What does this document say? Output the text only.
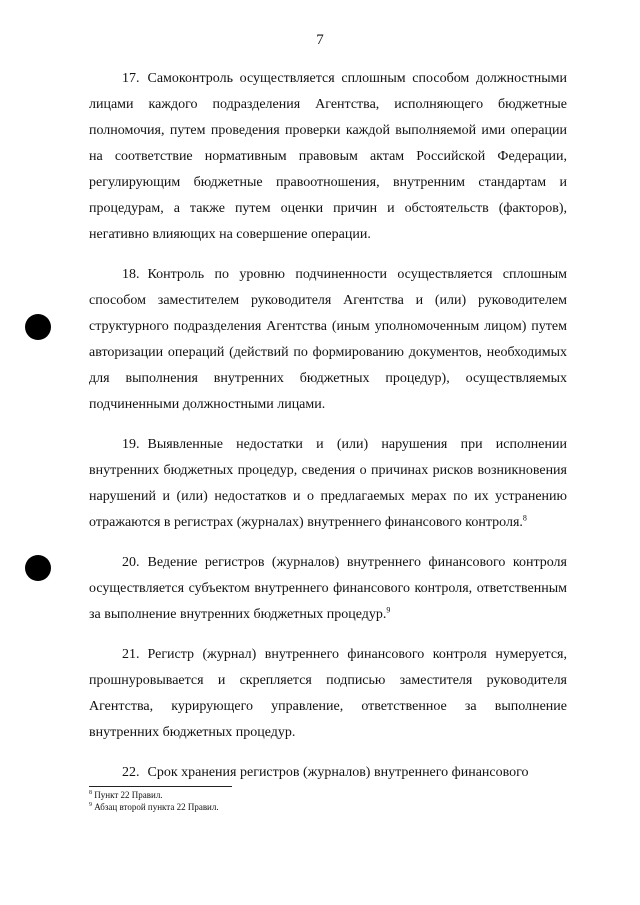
7

17. Самоконтроль осуществляется сплошным способом должностными лицами каждого подразделения Агентства, исполняющего бюджетные полномочия, путем проведения проверки каждой выполняемой ими операции на соответствие нормативным правовым актам Российской Федерации, регулирующим бюджетные правоотношения, внутренним стандартам и процедурам, а также путем оценки причин и обстоятельств (факторов), негативно влияющих на совершение операции.

18. Контроль по уровню подчиненности осуществляется сплошным способом заместителем руководителя Агентства и (или) руководителем структурного подразделения Агентства (иным уполномоченным лицом) путем авторизации операций (действий по формированию документов, необходимых для выполнения внутренних бюджетных процедур), осуществляемых подчиненными должностными лицами.

19. Выявленные недостатки и (или) нарушения при исполнении внутренних бюджетных процедур, сведения о причинах рисков возникновения нарушений и (или) недостатков и о предлагаемых мерах по их устранению отражаются в регистрах (журналах) внутреннего финансового контроля.$^8$

20. Ведение регистров (журналов) внутреннего финансового контроля осуществляется субъектом внутреннего финансового контроля, ответственным за выполнение внутренних бюджетных процедур.$^9$

21. Регистр (журнал) внутреннего финансового контроля нумеруется, прошнуровывается и скрепляется подписью заместителя руководителя Агентства, курирующего управление, ответственное за выполнение внутренних бюджетных процедур.

22. Срок хранения регистров (журналов) внутреннего финансового

$^8$ Пункт 22 Правил.

$^9$ Абзац второй пункта 22 Правил.
